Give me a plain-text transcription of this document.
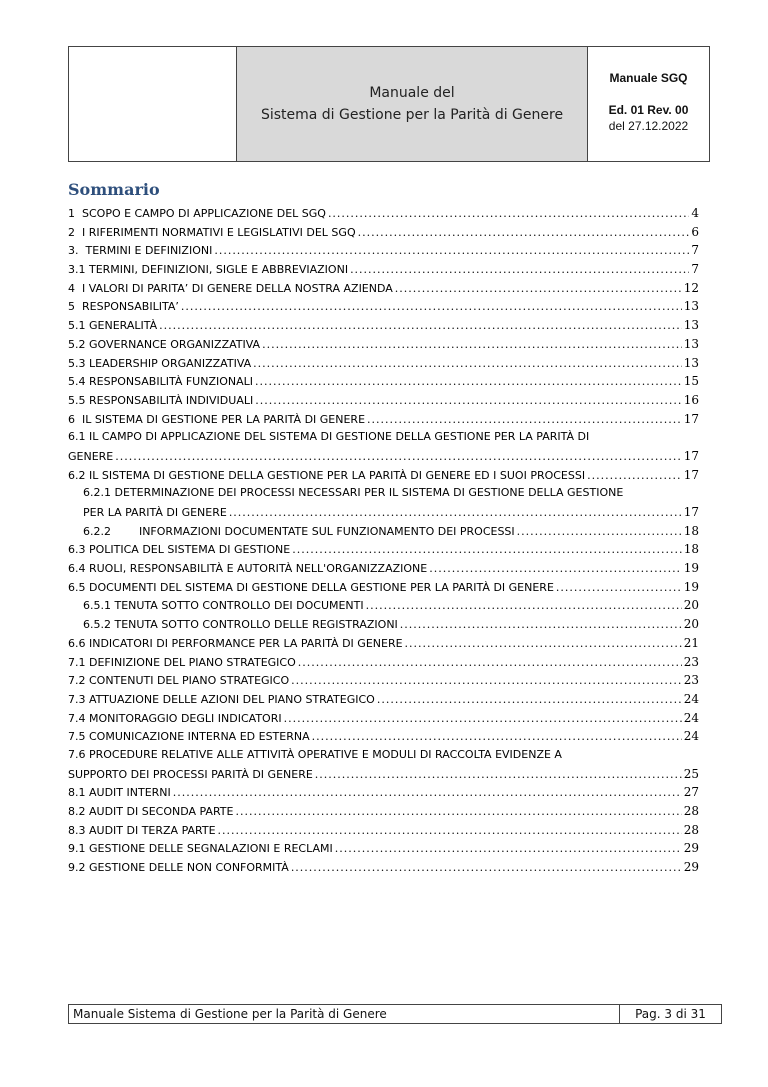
Manuale del
Sistema di Gestione per la Parità di Genere
Manuale SGQ
Ed. 01 Rev. 00
del 27.12.2022
Sommario
1  SCOPO E CAMPO DI APPLICAZIONE DEL SGQ .....	4
2  I RIFERIMENTI NORMATIVI E LEGISLATIVI DEL SGQ .....	6
3.  TERMINI E DEFINIZIONI .....	7
3.1 TERMINI, DEFINIZIONI, SIGLE E ABBREVIAZIONI .....	7
4  I VALORI DI PARITA’ DI GENERE DELLA NOSTRA AZIENDA .....	12
5  RESPONSABILITA’ .....	13
5.1 GENERALITÀ .....	13
5.2 GOVERNANCE ORGANIZZATIVA .....	13
5.3 LEADERSHIP ORGANIZZATIVA .....	13
5.4 RESPONSABILITÀ FUNZIONALI .....	15
5.5 RESPONSABILITÀ INDIVIDUALI .....	16
6  IL SISTEMA DI GESTIONE PER LA PARITÀ DI GENERE .....	17
6.1 IL CAMPO DI APPLICAZIONE DEL SISTEMA DI GESTIONE DELLA GESTIONE PER LA PARITÀ DI
GENERE .....	17
6.2 IL SISTEMA DI GESTIONE DELLA GESTIONE PER LA PARITÀ DI GENERE ED I SUOI PROCESSI .....	17
6.2.1 DETERMINAZIONE DEI PROCESSI NECESSARI PER IL SISTEMA DI GESTIONE DELLA GESTIONE
PER LA PARITÀ DI GENERE .....	17
6.2.2        INFORMAZIONI DOCUMENTATE SUL FUNZIONAMENTO DEI PROCESSI .....	18
6.3 POLITICA DEL SISTEMA DI GESTIONE .....	18
6.4 RUOLI, RESPONSABILITÀ E AUTORITÀ NELL'ORGANIZZAZIONE .....	19
6.5 DOCUMENTI DEL SISTEMA DI GESTIONE DELLA GESTIONE PER LA PARITÀ DI GENERE .....	19
6.5.1 TENUTA SOTTO CONTROLLO DEI DOCUMENTI .....	20
6.5.2 TENUTA SOTTO CONTROLLO DELLE REGISTRAZIONI .....	20
6.6 INDICATORI DI PERFORMANCE PER LA PARITÀ DI GENERE .....	21
7.1 DEFINIZIONE DEL PIANO STRATEGICO .....	23
7.2 CONTENUTI DEL PIANO STRATEGICO .....	23
7.3 ATTUAZIONE DELLE AZIONI DEL PIANO STRATEGICO .....	24
7.4 MONITORAGGIO DEGLI INDICATORI .....	24
7.5 COMUNICAZIONE INTERNA ED ESTERNA .....	24
7.6 PROCEDURE RELATIVE ALLE ATTIVITÀ OPERATIVE E MODULI DI RACCOLTA EVIDENZE A
SUPPORTO DEI PROCESSI PARITÀ DI GENERE .....	25
8.1 AUDIT INTERNI .....	27
8.2 AUDIT DI SECONDA PARTE .....	28
8.3 AUDIT DI TERZA PARTE .....	28
9.1 GESTIONE DELLE SEGNALAZIONI E RECLAMI .....	29
9.2 GESTIONE DELLE NON CONFORMITÀ .....	29
Manuale Sistema di Gestione per la Parità di Genere	Pag. 3 di 31
